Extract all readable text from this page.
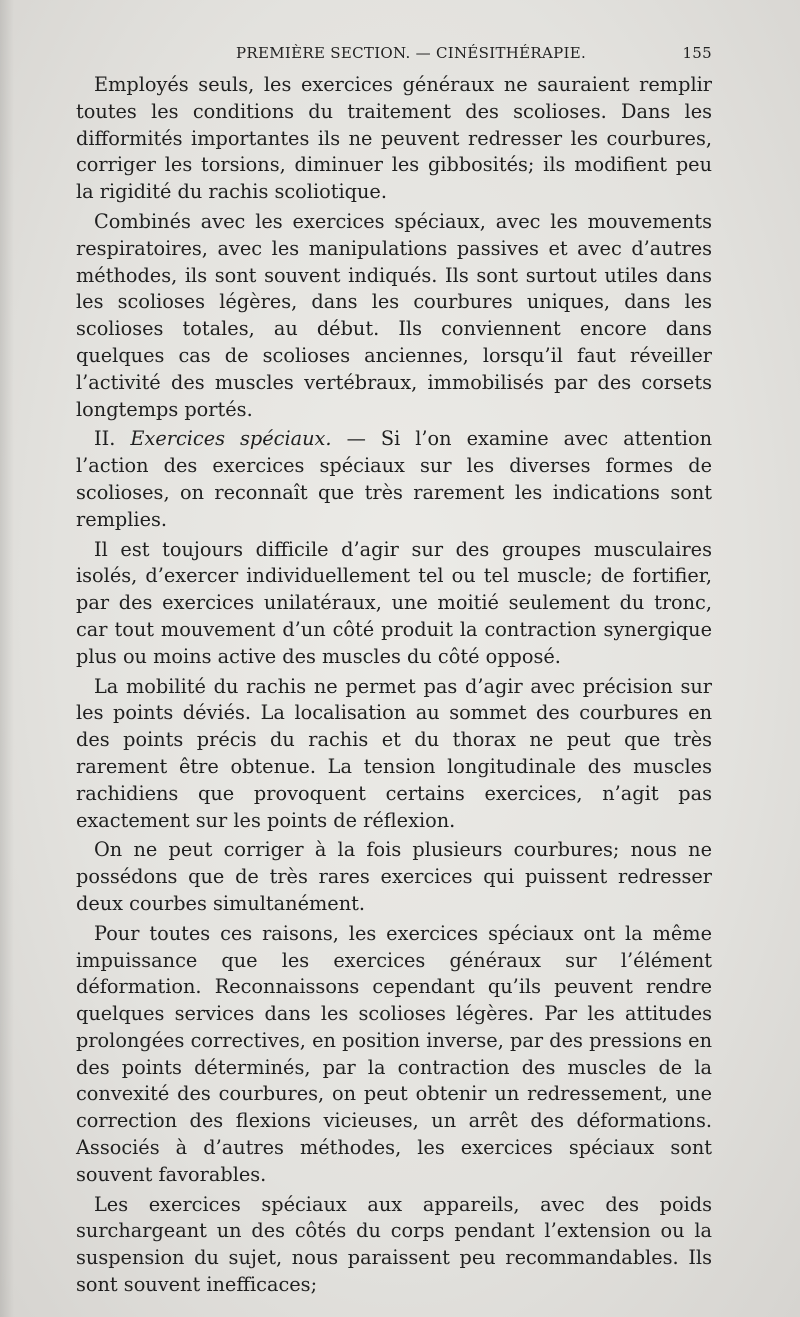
PREMIÈRE SECTION. — CINÉSITHÉRAPIE.	155

Employés seuls, les exercices généraux ne sauraient remplir toutes les conditions du traitement des scolioses. Dans les difformités importantes ils ne peuvent redresser les courbures, corriger les torsions, diminuer les gibbosités; ils modifient peu la rigidité du rachis scoliotique.

Combinés avec les exercices spéciaux, avec les mouvements respiratoires, avec les manipulations passives et avec d’autres méthodes, ils sont souvent indiqués. Ils sont surtout utiles dans les scolioses légères, dans les courbures uniques, dans les scolioses totales, au début. Ils conviennent encore dans quelques cas de scolioses anciennes, lorsqu’il faut réveiller l’activité des muscles vertébraux, immobilisés par des corsets longtemps portés.

II. Exercices spéciaux. — Si l’on examine avec attention l’action des exercices spéciaux sur les diverses formes de scolioses, on reconnaît que très rarement les indications sont remplies.

Il est toujours difficile d’agir sur des groupes musculaires isolés, d’exercer individuellement tel ou tel muscle; de fortifier, par des exercices unilatéraux, une moitié seulement du tronc, car tout mouvement d’un côté produit la contraction synergique plus ou moins active des muscles du côté opposé.

La mobilité du rachis ne permet pas d’agir avec précision sur les points déviés. La localisation au sommet des courbures en des points précis du rachis et du thorax ne peut que très rarement être obtenue. La tension longitudinale des muscles rachidiens que provoquent certains exercices, n’agit pas exactement sur les points de réflexion.

On ne peut corriger à la fois plusieurs courbures; nous ne possédons que de très rares exercices qui puissent redresser deux courbes simultanément.

Pour toutes ces raisons, les exercices spéciaux ont la même impuissance que les exercices généraux sur l’élément déformation. Reconnaissons cependant qu’ils peuvent rendre quelques services dans les scolioses légères. Par les attitudes prolongées correctives, en position inverse, par des pressions en des points déterminés, par la contraction des muscles de la convexité des courbures, on peut obtenir un redressement, une correction des flexions vicieuses, un arrêt des déformations. Associés à d’autres méthodes, les exercices spéciaux sont souvent favorables.

Les exercices spéciaux aux appareils, avec des poids surchargeant un des côtés du corps pendant l’extension ou la suspension du sujet, nous paraissent peu recommandables. Ils sont souvent inefficaces;
